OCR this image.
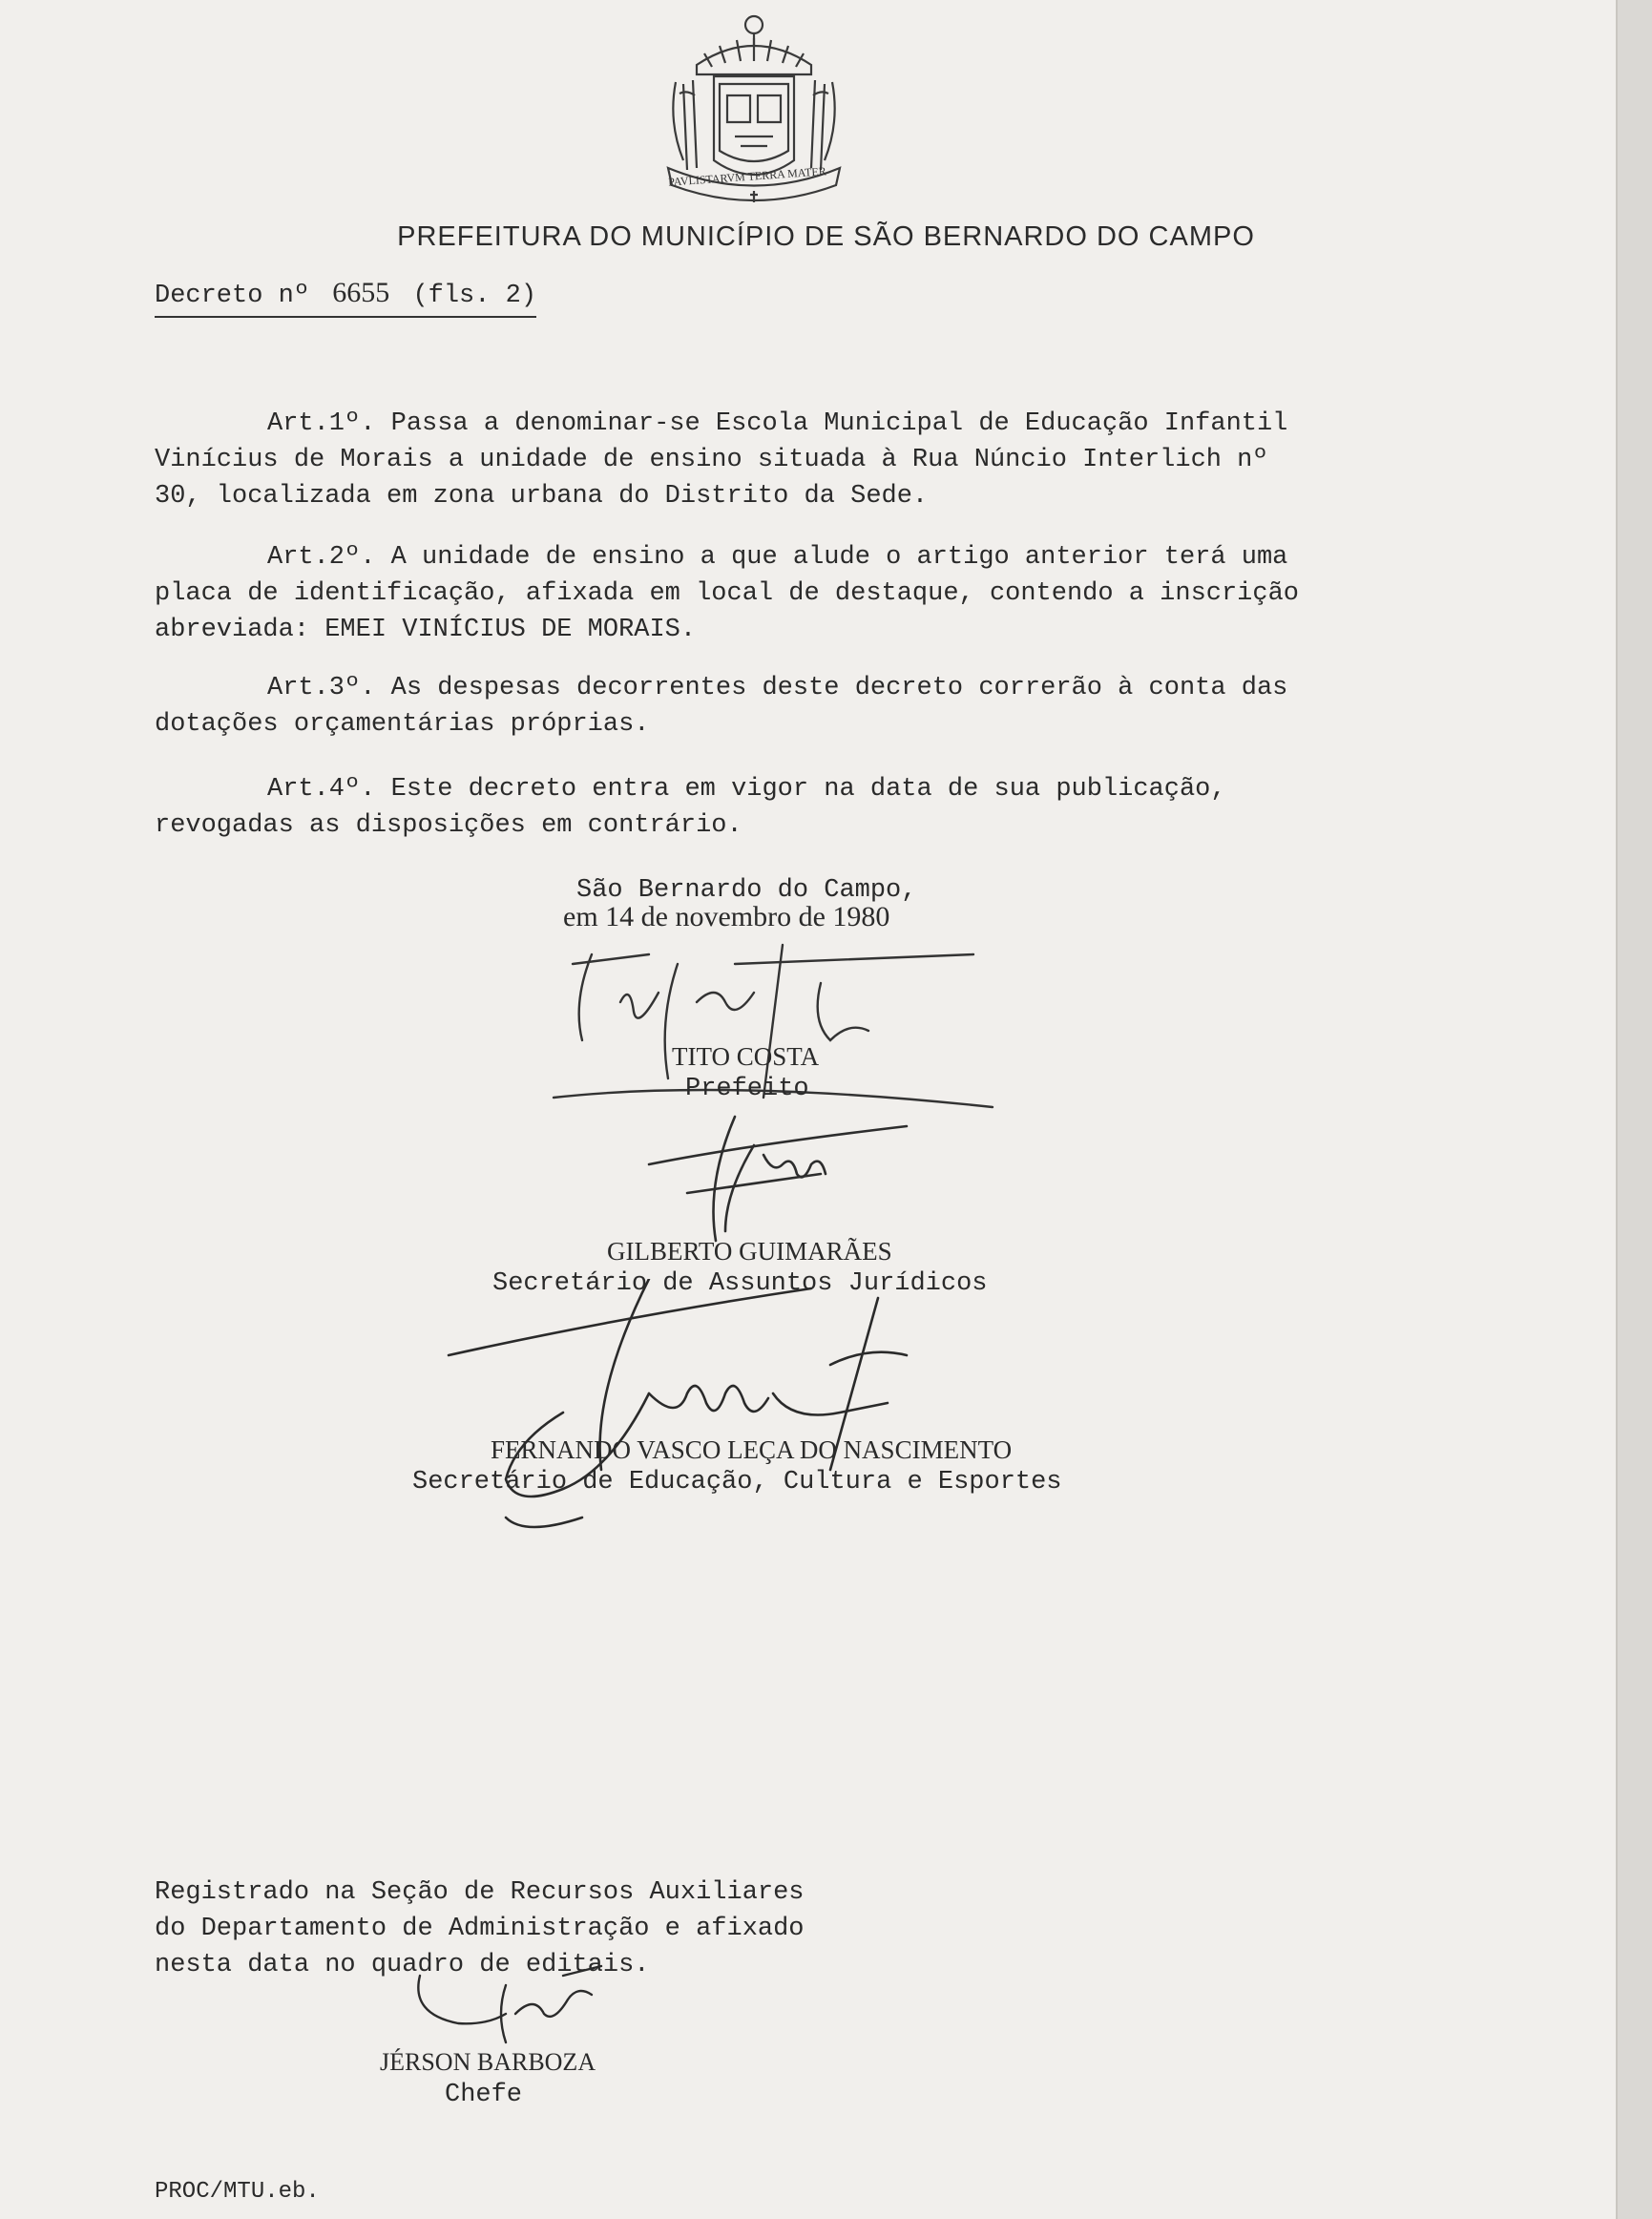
PAVLISTARVM TERRA MATER
PREFEITURA DO MUNICÍPIO DE SÃO BERNARDO DO CAMPO
Decreto nº 6655 (fls. 2)
Art.1º. Passa a denominar-se Escola Municipal de Educação Infantil
Vinícius de Morais a unidade de ensino situada à Rua Núncio Interlich nº
30, localizada em zona urbana do Distrito da Sede.
Art.2º. A unidade de ensino a que alude o artigo anterior terá uma
placa de identificação, afixada em local de destaque, contendo a inscrição
abreviada: EMEI VINÍCIUS DE MORAIS.
Art.3º. As despesas decorrentes deste decreto correrão à conta das
dotações orçamentárias próprias.
Art.4º. Este decreto entra em vigor na data de sua publicação,
revogadas as disposições em contrário.
São Bernardo do Campo,
em 14 de novembro de 1980
TITO COSTA
Prefeito
GILBERTO GUIMARÃES
Secretário de Assuntos Jurídicos
FERNANDO VASCO LEÇA DO NASCIMENTO
Secretário de Educação, Cultura e Esportes
Registrado na Seção de Recursos Auxiliares
do Departamento de Administração e afixado
nesta data no quadro de editais.
JÉRSON BARBOZA
Chefe
PROC/MTU.eb.
